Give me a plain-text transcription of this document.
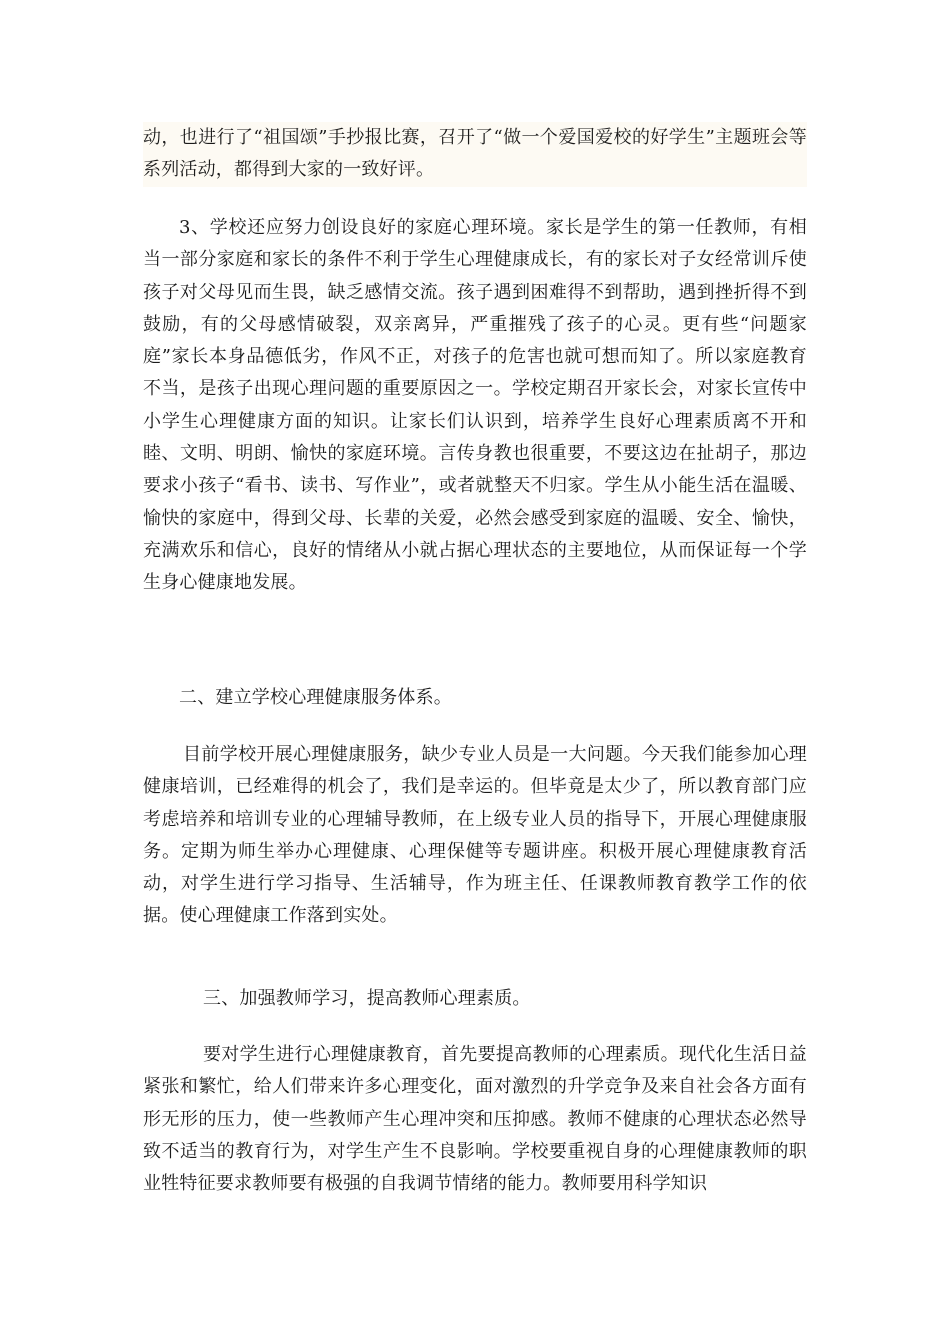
动，也进行了“祖国颂”手抄报比赛，召开了“做一个爱国爱校的好学生”主题班会等系列活动，都得到大家的一致好评。

3、学校还应努力创设良好的家庭心理环境。家长是学生的第一任教师，有相当一部分家庭和家长的条件不利于学生心理健康成长，有的家长对子女经常训斥使孩子对父母见而生畏，缺乏感情交流。孩子遇到困难得不到帮助，遇到挫折得不到鼓励，有的父母感情破裂，双亲离异，严重摧残了孩子的心灵。更有些“问题家庭”家长本身品德低劣，作风不正，对孩子的危害也就可想而知了。所以家庭教育不当，是孩子出现心理问题的重要原因之一。学校定期召开家长会，对家长宣传中小学生心理健康方面的知识。让家长们认识到，培养学生良好心理素质离不开和睦、文明、明朗、愉快的家庭环境。言传身教也很重要，不要这边在扯胡子，那边要求小孩子“看书、读书、写作业”，或者就整天不归家。学生从小能生活在温暖、愉快的家庭中，得到父母、长辈的关爱，必然会感受到家庭的温暖、安全、愉快，充满欢乐和信心，良好的情绪从小就占据心理状态的主要地位，从而保证每一个学生身心健康地发展。

二、建立学校心理健康服务体系。

目前学校开展心理健康服务，缺少专业人员是一大问题。今天我们能参加心理健康培训，已经难得的机会了，我们是幸运的。但毕竟是太少了，所以教育部门应考虑培养和培训专业的心理辅导教师，在上级专业人员的指导下，开展心理健康服务。定期为师生举办心理健康、心理保健等专题讲座。积极开展心理健康教育活动，对学生进行学习指导、生活辅导，作为班主任、任课教师教育教学工作的依据。使心理健康工作落到实处。

三、加强教师学习，提高教师心理素质。

要对学生进行心理健康教育，首先要提高教师的心理素质。现代化生活日益紧张和繁忙，给人们带来许多心理变化，面对激烈的升学竞争及来自社会各方面有形无形的压力，使一些教师产生心理冲突和压抑感。教师不健康的心理状态必然导致不适当的教育行为，对学生产生不良影响。学校要重视自身的心理健康教师的职业牲特征要求教师要有极强的自我调节情绪的能力。教师要用科学知识
